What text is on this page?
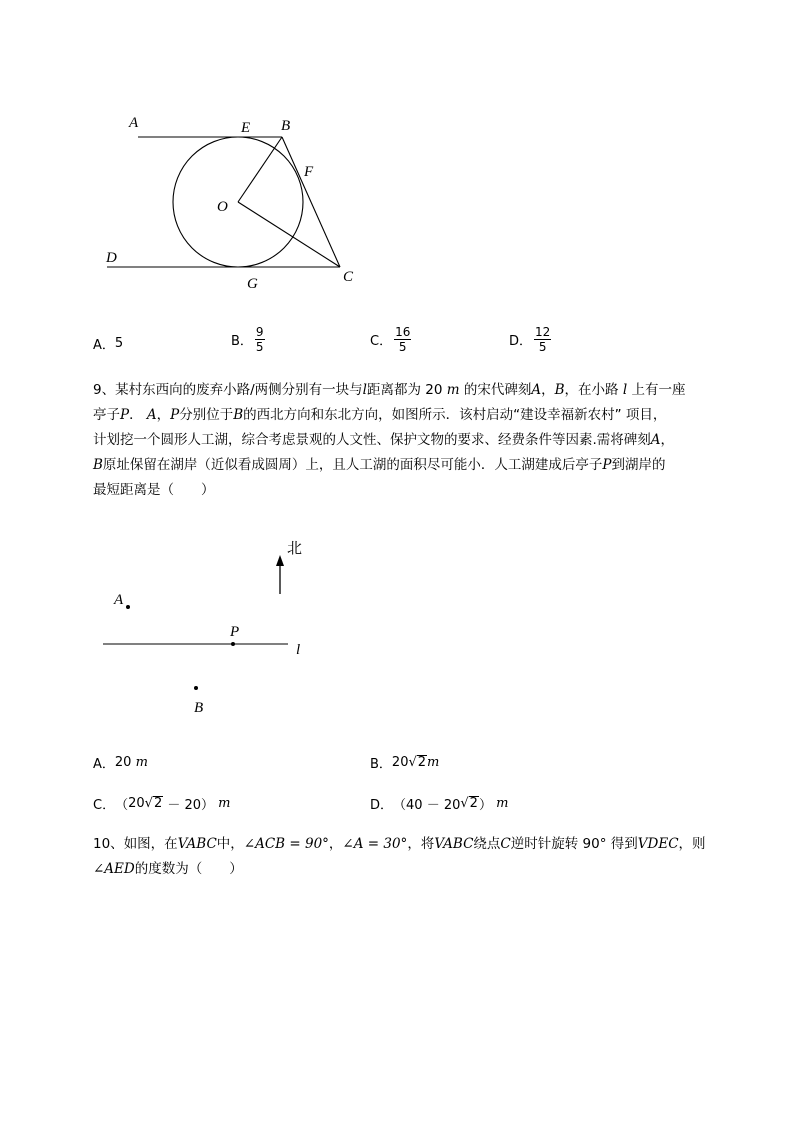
A	E B
F
O
D
G	C
A． 5	B． $\frac{9}{5}$	C． $\frac{16}{5}$	D． $\frac{12}{5}$

9、某村东西向的废弃小路/两侧分别有一块与l距离都为 20 m 的宋代碑刻A，B，在小路 l 上有一座

亭子P． A，P分别位于B的西北方向和东北方向，如图所示．该村启动“建设幸福新农村” 项目，

计划挖一个圆形人工湖，综合考虑景观的人文性、保护文物的要求、经费条件等因素.需将碑刻A，

B原址保留在湖岸（近似看成圆周）上，且人工湖的面积尽可能小．人工湖建成后亭子P到湖岸的

最短距离是（　　）

北
A
P
l
B
A． 20
m	B． 20 √ 2 m
C． （ 20 √ 2 － 20）
m	D． （40 － 20 √ 2 ）
m

10、如图，在VABC中，∠ACB = 90°，∠A = 30°，将VABC绕点C逆时针旋转 90° 得到VDEC，则

∠AED的度数为（　　）
